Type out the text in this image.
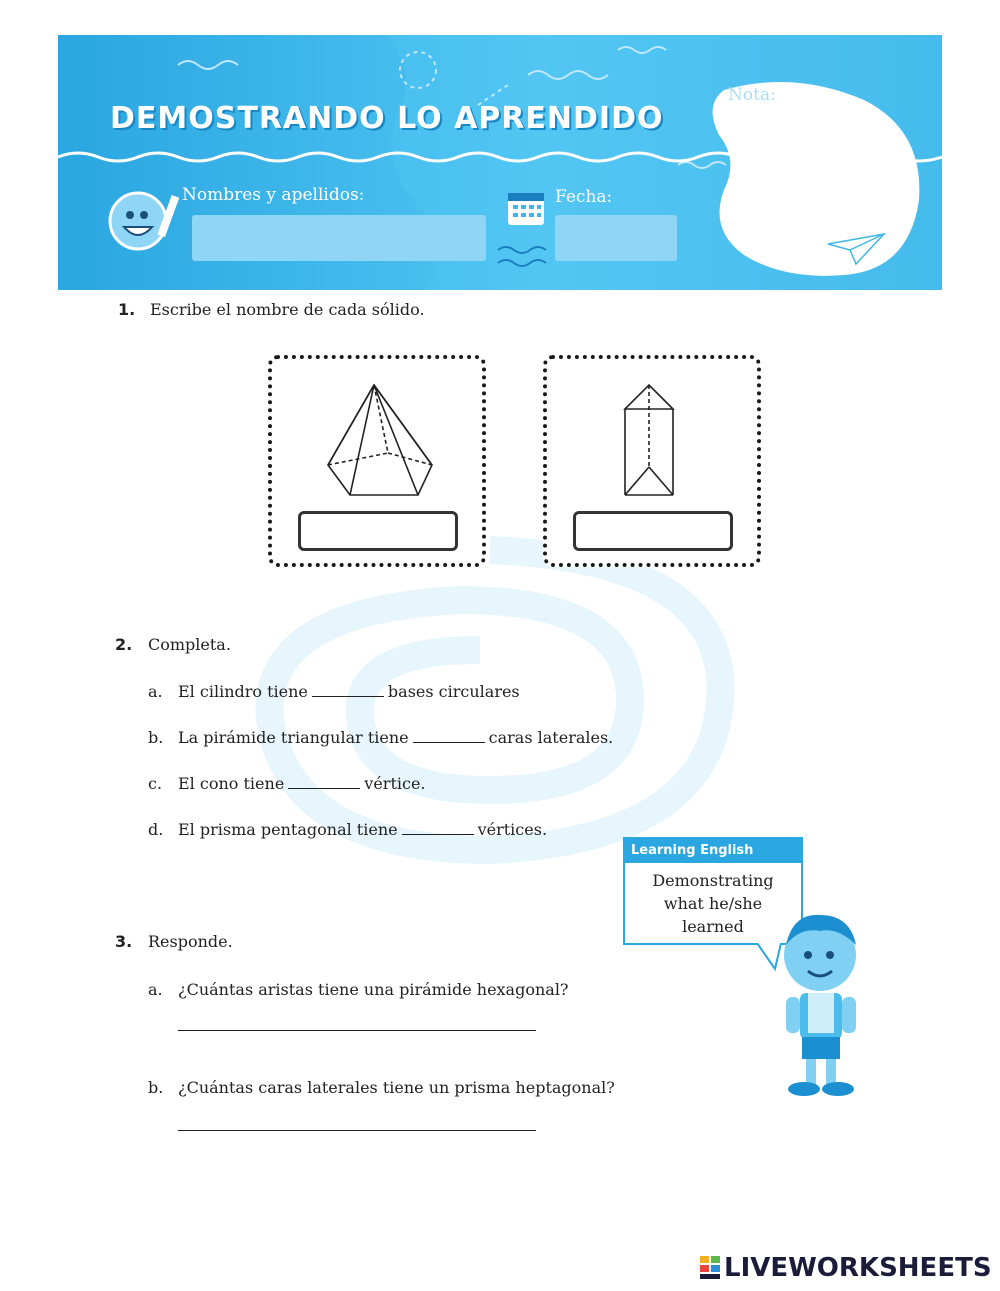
DEMOSTRANDO LO APRENDIDO
Nombres y apellidos:	Fecha:
Nota:
1. Escribe el nombre de cada sólido.
2. Completa.
a. El cilindro tiene	bases circulares
b. La pirámide triangular tiene	caras laterales.
c. El cono tiene	vértice.
d. El prisma pentagonal tiene	vértices.
3. Responde.
a. ¿Cuántas aristas tiene una pirámide hexagonal?
b. ¿Cuántas caras laterales tiene un prisma heptagonal?
Learning English
Demonstrating
what he/she
learned
LIVEWORKSHEETS
